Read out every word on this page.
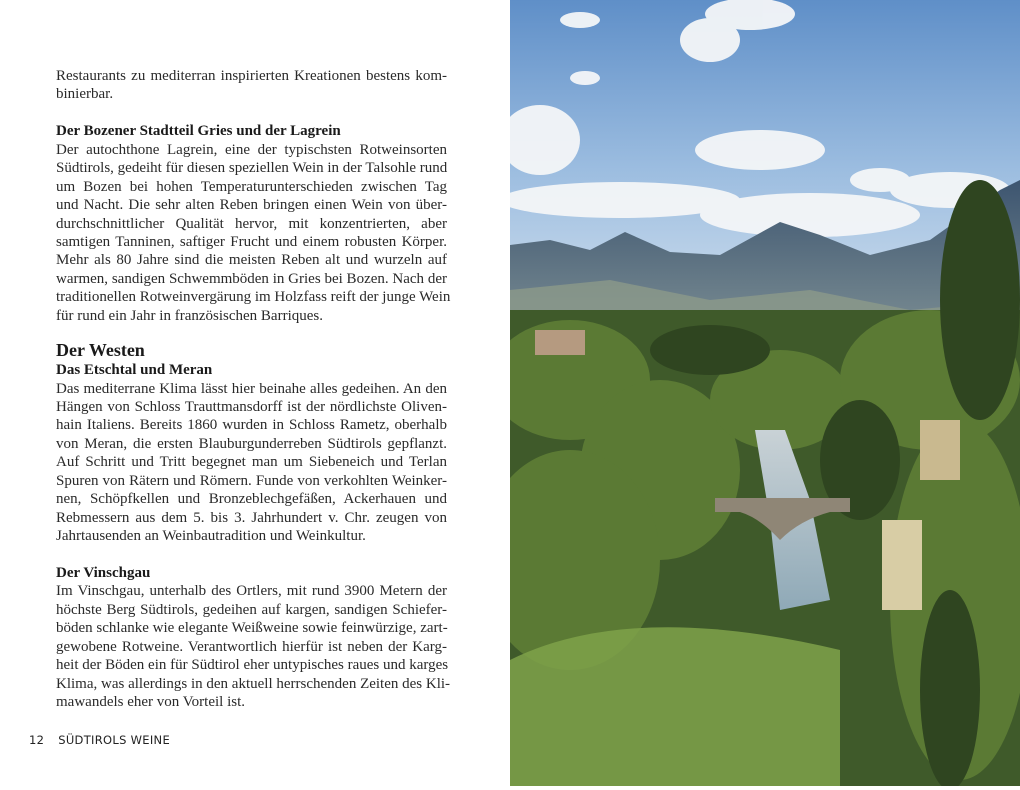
Restaurants zu mediterran inspirierten Kreationen bestens kom-
binierbar.
Der Bozener Stadtteil Gries und der Lagrein
Der autochthone Lagrein, eine der typischsten Rotweinsorten
Südtirols, gedeiht für diesen speziellen Wein in der Talsohle rund
um Bozen bei hohen Temperaturunterschieden zwischen Tag
und Nacht. Die sehr alten Reben bringen einen Wein von über-
durchschnittlicher Qualität hervor, mit konzentrierten, aber
samtigen Tanninen, saftiger Frucht und einem robusten Körper.
Mehr als 80 Jahre sind die meisten Reben alt und wurzeln auf
warmen, sandigen Schwemmböden in Gries bei Bozen. Nach der
traditionellen Rotweinvergärung im Holzfass reift der junge Wein
für rund ein Jahr in französischen Barriques.
Der Westen
Das Etschtal und Meran
Das mediterrane Klima lässt hier beinahe alles gedeihen. An den
Hängen von Schloss Trauttmansdorff ist der nördlichste Oliven-
hain Italiens. Bereits 1860 wurden in Schloss Rametz, oberhalb
von Meran, die ersten Blauburgunderreben Südtirols gepflanzt.
Auf Schritt und Tritt begegnet man um Siebeneich und Terlan
Spuren von Rätern und Römern. Funde von verkohlten Weinker-
nen, Schöpfkellen und Bronzeblechgefäßen, Ackerhauen und
Rebmessern aus dem 5. bis 3. Jahrhundert v. Chr. zeugen von
Jahrtausenden an Weinbautradition und Weinkultur.
Der Vinschgau
Im Vinschgau, unterhalb des Ortlers, mit rund 3900 Metern der
höchste Berg Südtirols, gedeihen auf kargen, sandigen Schiefer-
böden schlanke wie elegante Weißweine sowie feinwürzige, zart-
gewobene Rotweine. Verantwortlich hierfür ist neben der Karg-
heit der Böden ein für Südtirol eher untypisches raues und karges
Klima, was allerdings in den aktuell herrschenden Zeiten des Kli-
mawandels eher von Vorteil ist.
12 SÜDTIROLS WEINE
